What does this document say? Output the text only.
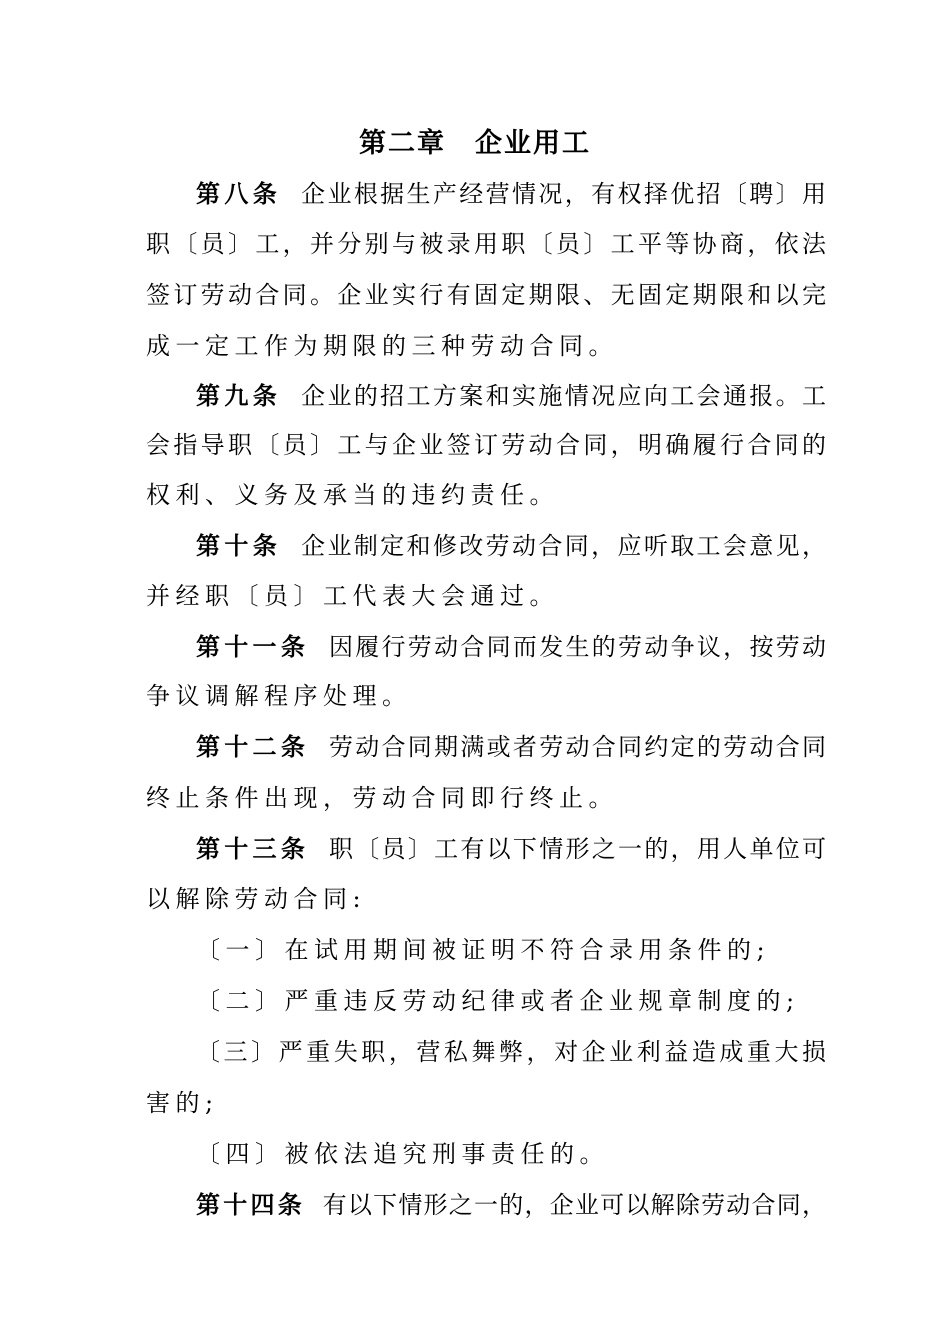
第二章　企业用工
第八条 企业根据生产经营情况，有权择优招〔聘〕用
职〔员〕工，并分别与被录用职〔员〕工平等协商，依法
签订劳动合同。企业实行有固定期限、无固定期限和以完
成一定工作为期限的三种劳动合同。
第九条 企业的招工方案和实施情况应向工会通报。工
会指导职〔员〕工与企业签订劳动合同，明确履行合同的
权利、义务及承当的违约责任。
第十条 企业制定和修改劳动合同，应听取工会意见，
并经职〔员〕工代表大会通过。
第十一条 因履行劳动合同而发生的劳动争议，按劳动
争议调解程序处理。
第十二条 劳动合同期满或者劳动合同约定的劳动合同
终止条件出现，劳动合同即行终止。
第十三条 职〔员〕工有以下情形之一的，用人单位可
以解除劳动合同:
〔一〕在试用期间被证明不符合录用条件的;
〔二〕严重违反劳动纪律或者企业规章制度的;
〔三〕严重失职，营私舞弊，对企业利益造成重大损
害的;
〔四〕被依法追究刑事责任的。
第十四条 有以下情形之一的，企业可以解除劳动合同，
